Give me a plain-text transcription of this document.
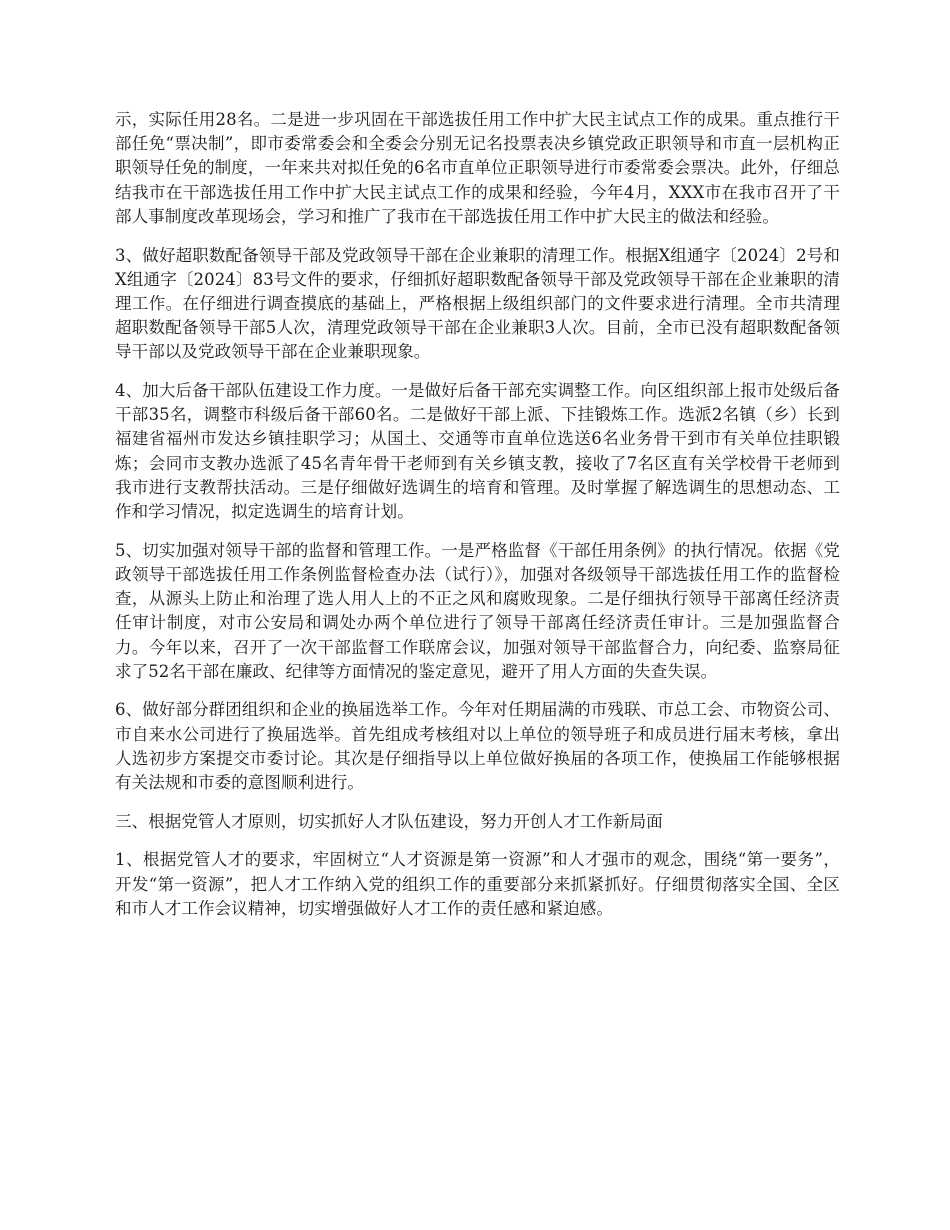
示，实际任用28名。二是进一步巩固在干部选拔任用工作中扩大民主试点工作的成果。重点推行干部任免“票决制”，即市委常委会和全委会分别无记名投票表决乡镇党政正职领导和市直一层机构正职领导任免的制度，一年来共对拟任免的6名市直单位正职领导进行市委常委会票决。此外，仔细总结我市在干部选拔任用工作中扩大民主试点工作的成果和经验，今年4月，XXX市在我市召开了干部人事制度改革现场会，学习和推广了我市在干部选拔任用工作中扩大民主的做法和经验。

3、做好超职数配备领导干部及党政领导干部在企业兼职的清理工作。根据X组通字〔2024〕2号和X组通字〔2024〕83号文件的要求，仔细抓好超职数配备领导干部及党政领导干部在企业兼职的清理工作。在仔细进行调查摸底的基础上，严格根据上级组织部门的文件要求进行清理。全市共清理超职数配备领导干部5人次，清理党政领导干部在企业兼职3人次。目前，全市已没有超职数配备领导干部以及党政领导干部在企业兼职现象。

4、加大后备干部队伍建设工作力度。一是做好后备干部充实调整工作。向区组织部上报市处级后备干部35名，调整市科级后备干部60名。二是做好干部上派、下挂锻炼工作。选派2名镇（乡）长到福建省福州市发达乡镇挂职学习；从国土、交通等市直单位选送6名业务骨干到市有关单位挂职锻炼；会同市支教办选派了45名青年骨干老师到有关乡镇支教，接收了7名区直有关学校骨干老师到我市进行支教帮扶活动。三是仔细做好选调生的培育和管理。及时掌握了解选调生的思想动态、工作和学习情况，拟定选调生的培育计划。

5、切实加强对领导干部的监督和管理工作。一是严格监督《干部任用条例》的执行情况。依据《党政领导干部选拔任用工作条例监督检查办法（试行）》，加强对各级领导干部选拔任用工作的监督检查，从源头上防止和治理了选人用人上的不正之风和腐败现象。二是仔细执行领导干部离任经济责任审计制度，对市公安局和调处办两个单位进行了领导干部离任经济责任审计。三是加强监督合力。今年以来，召开了一次干部监督工作联席会议，加强对领导干部监督合力，向纪委、监察局征求了52名干部在廉政、纪律等方面情况的鉴定意见，避开了用人方面的失查失误。

6、做好部分群团组织和企业的换届选举工作。今年对任期届满的市残联、市总工会、市物资公司、市自来水公司进行了换届选举。首先组成考核组对以上单位的领导班子和成员进行届末考核，拿出人选初步方案提交市委讨论。其次是仔细指导以上单位做好换届的各项工作，使换届工作能够根据有关法规和市委的意图顺利进行。

三、根据党管人才原则，切实抓好人才队伍建设，努力开创人才工作新局面

1、根据党管人才的要求，牢固树立“人才资源是第一资源”和人才强市的观念，围绕“第一要务”，开发“第一资源”，把人才工作纳入党的组织工作的重要部分来抓紧抓好。仔细贯彻落实全国、全区和市人才工作会议精神，切实增强做好人才工作的责任感和紧迫感。
